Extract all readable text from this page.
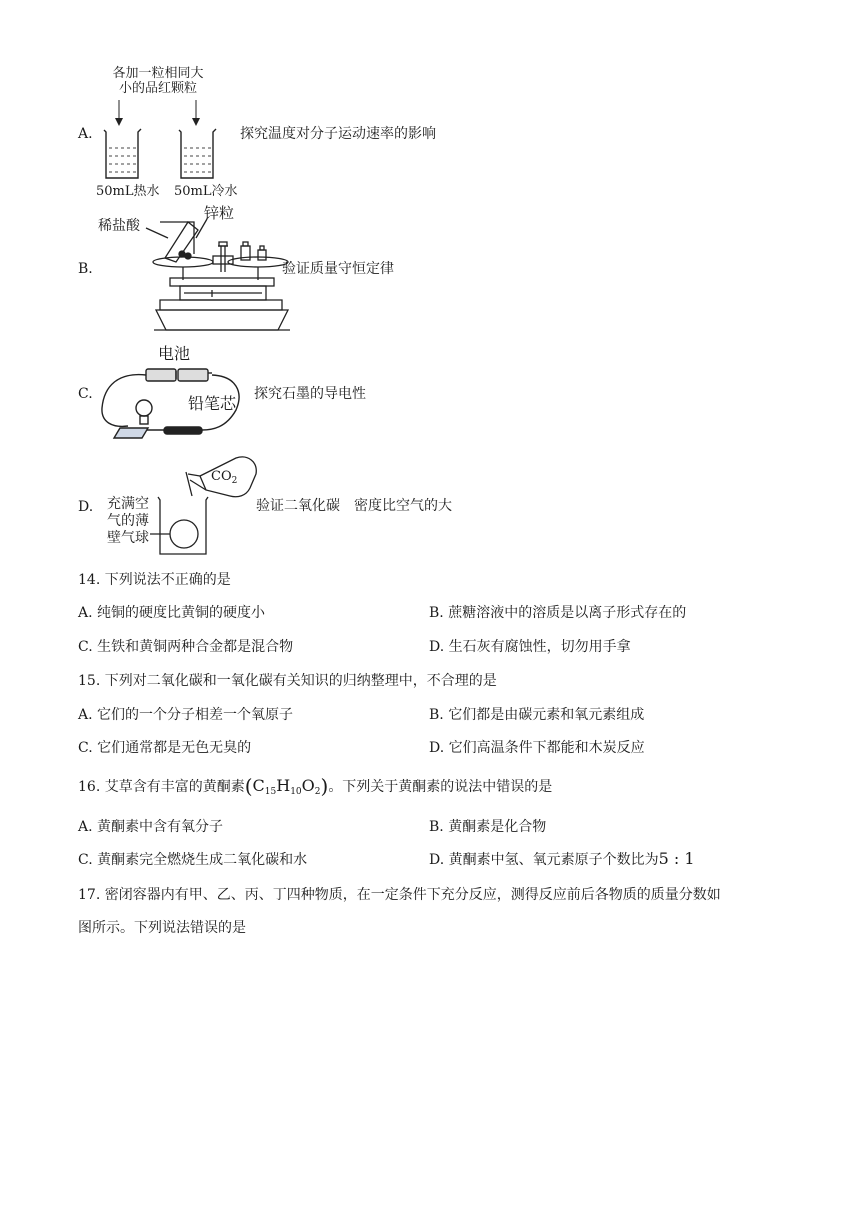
A.
各加一粒相同大
小的品红颗粒
50mL热水 50mL冷水
探究温度对分子运动速率的影响
B.
稀盐酸
锌粒
验证质量守恒定律
C.
电池
铅笔芯 探究石墨的导电性
D. 充满空
气的薄
壁气球
$CO_2$
验证二氧化碳　密度比空气的大
14. 下列说法不正确的是
A. 纯铜的硬度比黄铜的硬度小	B. 蔗糖溶液中的溶质是以离子形式存在的
C. 生铁和黄铜两种合金都是混合物	D. 生石灰有腐蚀性，切勿用手拿
15. 下列对二氧化碳和一氧化碳有关知识的归纳整理中，不合理的是
A. 它们的一个分子相差一个氧原子	B. 它们都是由碳元素和氧元素组成
C. 它们通常都是无色无臭的	D. 它们高温条件下都能和木炭反应
16. 艾草含有丰富的黄酮素$(C_{15}H_{10}O_2)$。下列关于黄酮素的说法中错误的是
A. 黄酮素中含有氧分子	B. 黄酮素是化合物
C. 黄酮素完全燃烧生成二氧化碳和水	D. 黄酮素中氢、氧元素原子个数比为5 : 1
17. 密闭容器内有甲、乙、丙、丁四种物质，在一定条件下充分反应，测得反应前后各物质的质量分数如
图所示。下列说法错误的是
